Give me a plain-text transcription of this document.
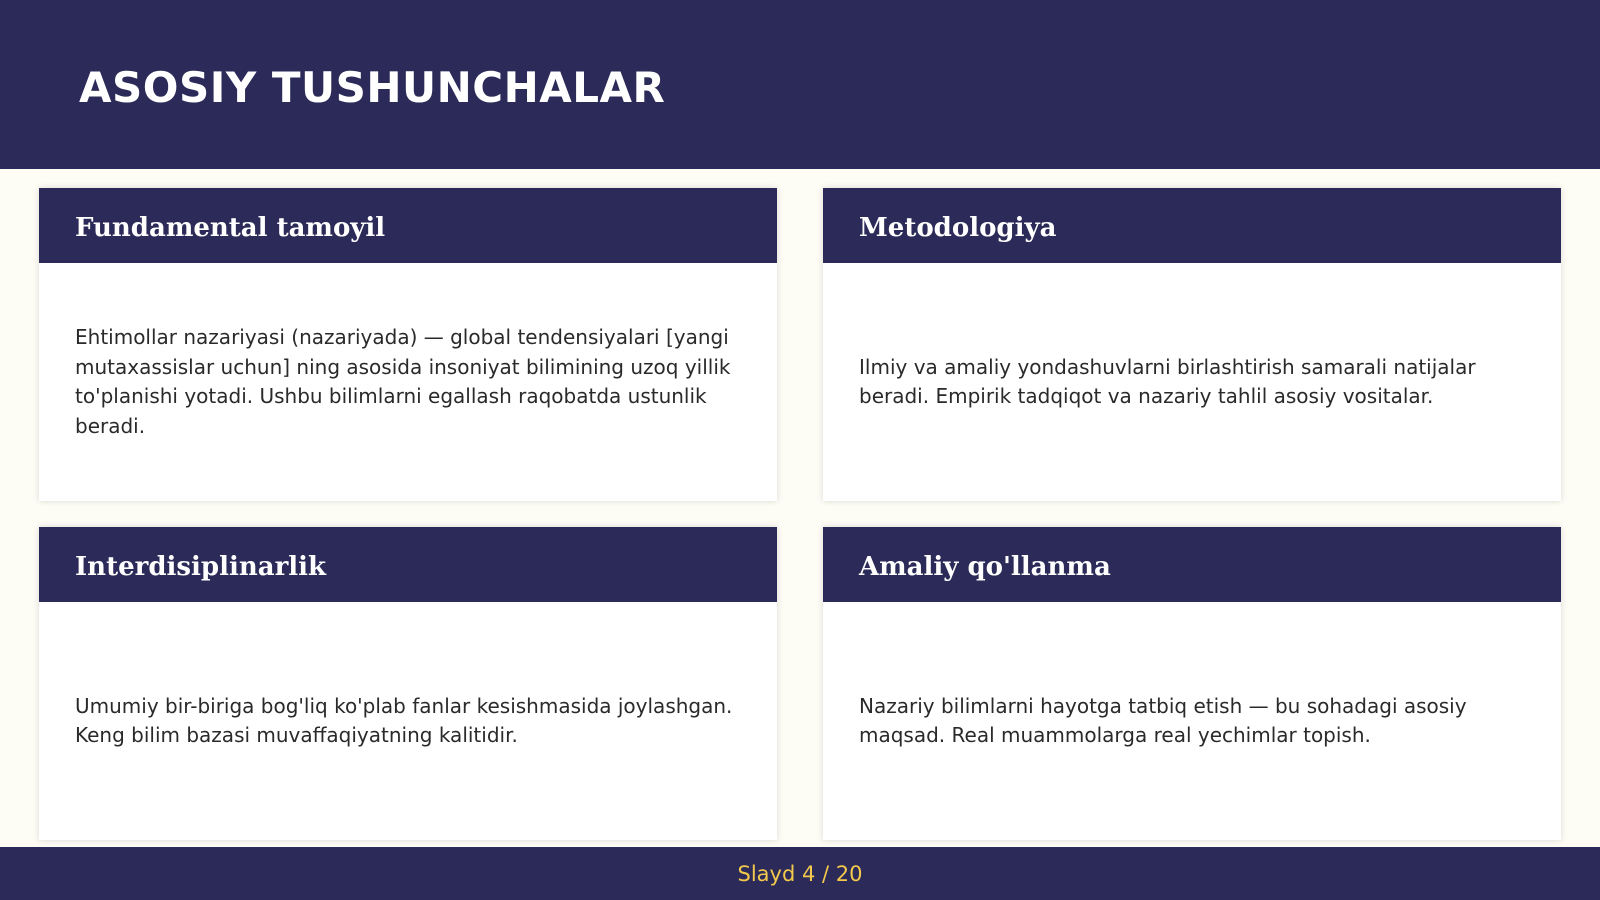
ASOSIY TUSHUNCHALAR
Fundamental tamoyil

Ehtimollar nazariyasi (nazariyada) — global tendensiyalari [yangi mutaxassislar uchun] ning asosida insoniyat bilimining uzoq yillik to'planishi yotadi. Ushbu bilimlarni egallash raqobatda ustunlik beradi.

Metodologiya

Ilmiy va amaliy yondashuvlarni birlashtirish samarali natijalar beradi. Empirik tadqiqot va nazariy tahlil asosiy vositalar.

Interdisiplinarlik

Umumiy bir-biriga bog'liq ko'plab fanlar kesishmasida joylashgan. Keng bilim bazasi muvaffaqiyatning kalitidir.

Amaliy qo'llanma

Nazariy bilimlarni hayotga tatbiq etish — bu sohadagi asosiy maqsad. Real muammolarga real yechimlar topish.

Slayd 4 / 20
